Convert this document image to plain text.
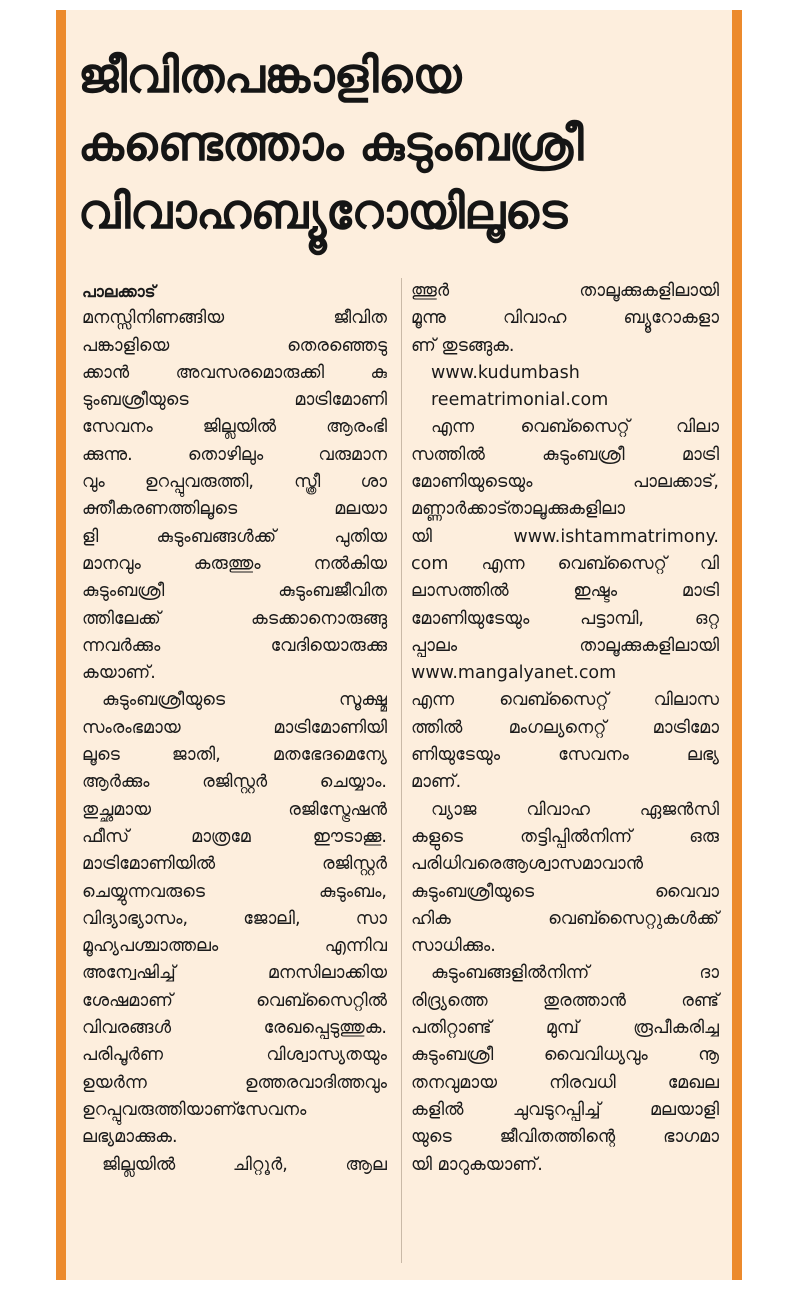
ജീവിതപങ്കാളിയെ
കണ്ടെത്താം കുടുംബശ്രീ
വിവാഹബ്യൂറോയിലൂടെ

പാലക്കാട്

മനസ്സിനിണങ്ങിയ ജീവിത

പങ്കാളിയെ തെരഞ്ഞെടു

ക്കാൻ അവസരമൊരുക്കി കു

ടുംബശ്രീയുടെ മാട്രിമോണി

സേവനം ജില്ലയിൽ ആരംഭി

ക്കുന്നു. തൊഴിലും വരുമാന

വും ഉറപ്പുവരുത്തി, സ്ത്രീ ശാ

ക്തീകരണത്തിലൂടെ മലയാ

ളി കുടുംബങ്ങൾക്ക് പുതിയ

മാനവും കരുത്തും നൽകിയ

കുടുംബശ്രീ കുടുംബജീവിത

ത്തിലേക്ക് കടക്കാനൊരുങ്ങു

ന്നവർക്കും വേദിയൊരുക്കു

കയാണ്.

കുടുംബശ്രീയുടെ സൂക്ഷ്മ

സംരംഭമായ മാട്രിമോണിയി

ലൂടെ ജാതി, മതഭേദമെന്യേ

ആർക്കും രജിസ്റ്റർ ചെയ്യാം.

തുച്ഛമായ രജിസ്ട്രേഷൻ

ഫീസ് മാത്രമേ ഈടാക്കൂ.

മാട്രിമോണിയിൽ രജിസ്റ്റർ

ചെയ്യുന്നവരുടെ കുടുംബം,

വിദ്യാഭ്യാസം, ജോലി, സാ

മൂഹ്യപശ്ചാത്തലം എന്നിവ

അന്വേഷിച്ച് മനസിലാക്കിയ

ശേഷമാണ് വെബ്സൈറ്റിൽ

വിവരങ്ങൾ രേഖപ്പെടുത്തുക.

പരിപൂർണ വിശ്വാസ്യതയും

ഉയർന്ന ഉത്തരവാദിത്തവും

ഉറപ്പുവരുത്തിയാണ്സേവനം

ലഭ്യമാക്കുക.

ജില്ലയിൽ ചിറ്റൂർ, ആല

ത്തൂർ താലൂക്കുകളിലായി

മൂന്നു വിവാഹ ബ്യൂറോകളാ

ണ് തുടങ്ങുക.

www.kudumbash

reematrimonial.com

എന്ന വെബ്സൈറ്റ് വിലാ

സത്തിൽ കുടുംബശ്രീ മാട്രി

മോണിയുടെയും പാലക്കാട്,

മണ്ണാർക്കാട്താലൂക്കുകളിലാ

യി www.ishtammatrimony.

com എന്ന വെബ്സൈറ്റ് വി

ലാസത്തിൽ ഇഷ്ടം മാട്രി

മോണിയുടേയും പട്ടാമ്പി, ഒറ്റ

പ്പാലം താലൂക്കുകളിലായി

www.mangalyanet.com

എന്ന വെബ്സൈറ്റ് വിലാസ

ത്തിൽ മംഗല്യനെറ്റ് മാട്രിമോ

ണിയുടേയും സേവനം ലഭ്യ

മാണ്.

വ്യാജ വിവാഹ ഏജൻസി

കളുടെ തട്ടിപ്പിൽനിന്ന് ഒരു

പരിധിവരെആശ്വാസമാവാൻ

കുടുംബശ്രീയുടെ വൈവാ

ഹിക വെബ്സൈറ്റുകൾക്ക്

സാധിക്കും.

കുടുംബങ്ങളിൽനിന്ന് ദാ

രിദ്ര്യത്തെ തുരത്താൻ രണ്ട്

പതിറ്റാണ്ട് മുമ്പ് രൂപീകരിച്ച

കുടുംബശ്രീ വൈവിധ്യവും നൂ

തനവുമായ നിരവധി മേഖല

കളിൽ ചുവടുറപ്പിച്ച് മലയാളി

യുടെ ജീവിതത്തിന്റെ ഭാഗമാ

യി മാറുകയാണ്.
